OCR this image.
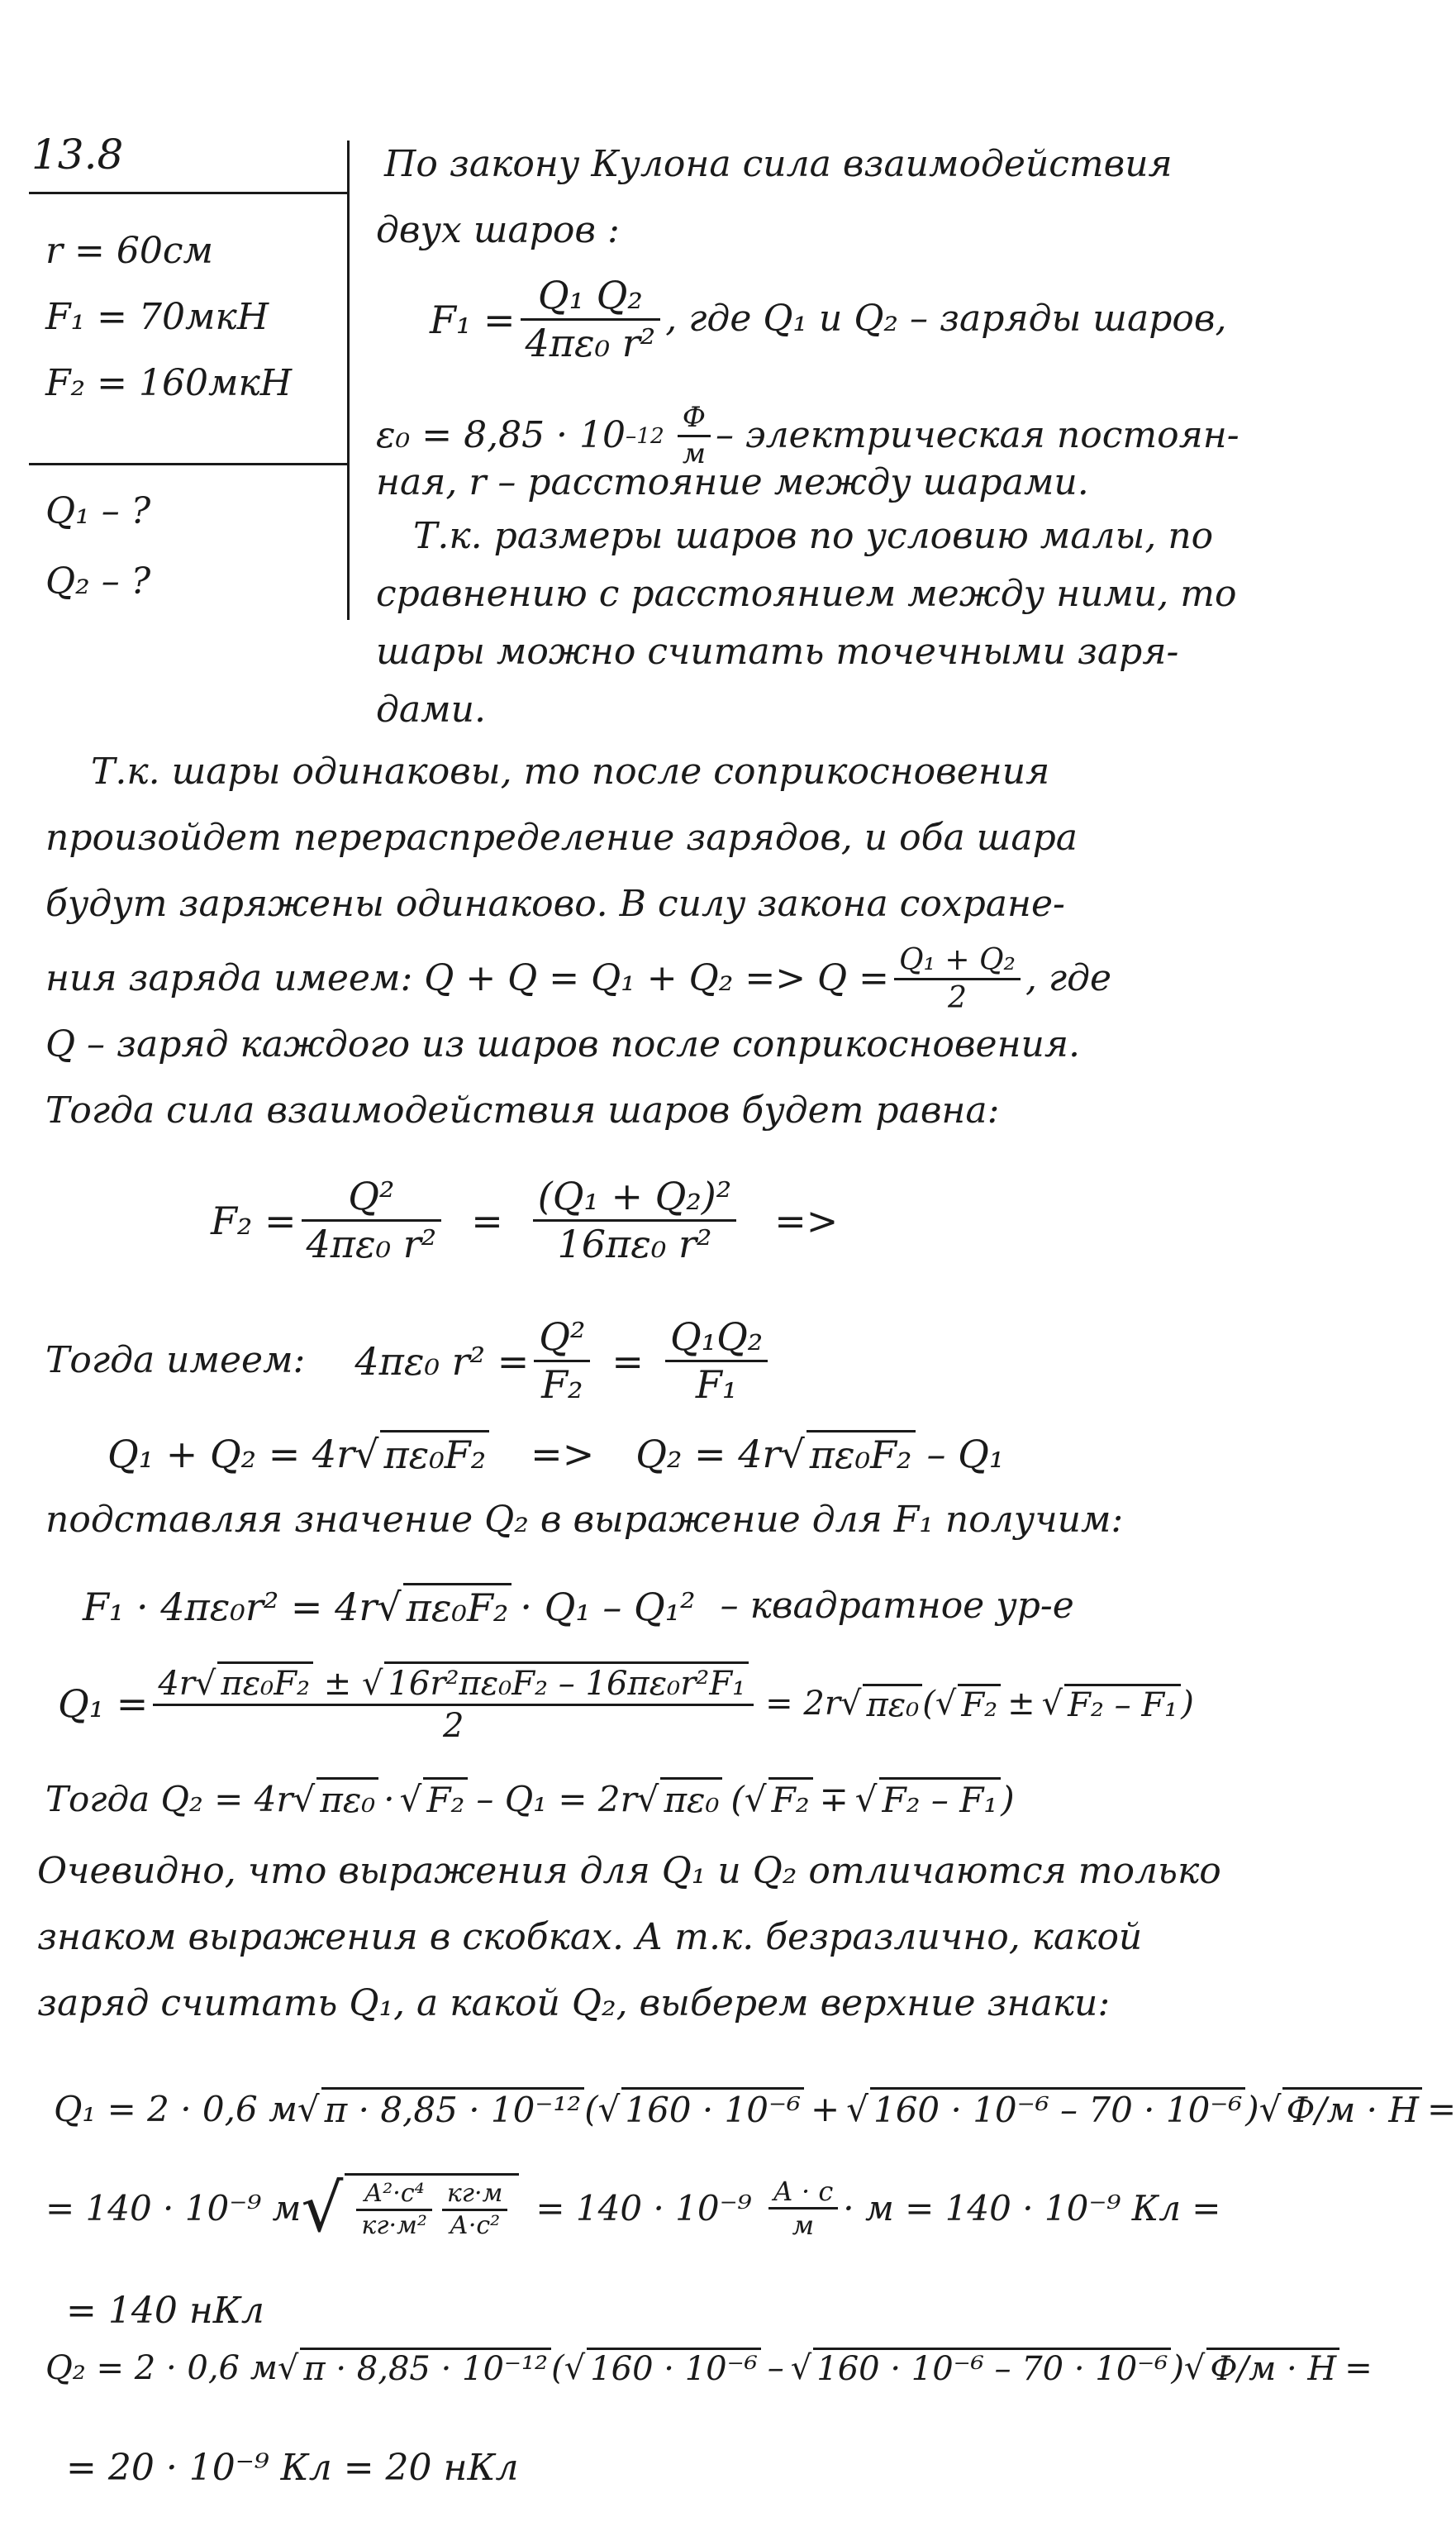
13.8
r = 60см
F₁ = 70мкН
F₂ = 160мкН
Q₁ – ?
Q₂ – ?
По закону Кулона сила взаимодействия
двух шаров :
$F_1 = \frac{\text{Q₁ Q₂}}{\text{4πε₀ r²}}$ , где Q₁ и Q₂ – заряды шаров,
ε₀ = 8,85 · 10 $-12 \frac{Ф}{м}$ – электрическая постоян-
ная, r – расстояние между шарами.
Т.к. размеры шаров по условию малы, по
сравнению с расстоянием между ними, то
шары можно считать точечными заря-
дами.
Т.к. шары одинаковы, то после соприкосновения
произойдет перераспределение зарядов, и оба шара
будут заряжены одинаково. В силу закона сохране-
ния заряда имеем: $Q + Q = Q_1 + Q_2 => Q = \frac{\text{Q₁ + Q₂}}{2}$ , где
Q – заряд каждого из шаров после соприкосновения.
Тогда сила взаимодействия шаров будет равна:
$F_2 = \frac{\text{Q²}}{\text{4πε₀ r²}} = \frac{\text{(Q₁ + Q₂)²}}{\text{16πε₀ r²}}$ =>
Тогда имеем: 4πε₀ $r^2 = \frac{\text{Q²}}{\text{F₂}} = \frac{\text{Q₁Q₂}}{\text{F₁}}$
Q₁ + Q₂ = 4r √ πε₀F₂ => Q₂ = 4r √ πε₀F₂ – Q₁
подставляя значение Q₂ в выражение для F₁ получим:
F₁ · 4πε₀r² = 4r √ πε₀F₂ · Q₁ – Q₁² – квадратное ур-е
$Q_1 = \frac{\text{4r√ πε₀F₂ ± √ 16r²πε₀F₂ – 16πε₀r²F₁}}{2} = 2r$ √ πε₀ ( √ F₂ ± √ F₂ – F₁ )
Тогда Q₂ = 4r √ πε₀ · √ F₂ – Q₁ = 2r √ πε₀ ( √ F₂ ∓ √ F₂ – F₁ )
Очевидно, что выражения для Q₁ и Q₂ отличаются только
знаком выражения в скобках. А т.к. безразлично, какой
заряд считать Q₁, а какой Q₂, выберем верхние знаки:
Q₁ = 2 · 0,6 м √ π · 8,85 · 10⁻¹² ( √ 160 · 10⁻⁶ + √ 160 · 10⁻⁶ – 70 · 10⁻⁶ ) √ Ф/м · Н =
= 140 · 10⁻⁹ м √ $\frac{\text{А²·с⁴}}{\text{кг·м²}} \frac{кг\cdot м}{\text{А·с²}} = 140 \cdot 10^{-9} \frac{А \cdot с}{м} \cdot м = 140 \cdot 10^{-9}$ Кл =
= 140 нКл
Q₂ = 2 · 0,6 м √ π · 8,85 · 10⁻¹² ( √ 160 · 10⁻⁶ – √ 160 · 10⁻⁶ – 70 · 10⁻⁶ ) √ Ф/м · Н =
= 20 · 10⁻⁹ Кл = 20 нКл
